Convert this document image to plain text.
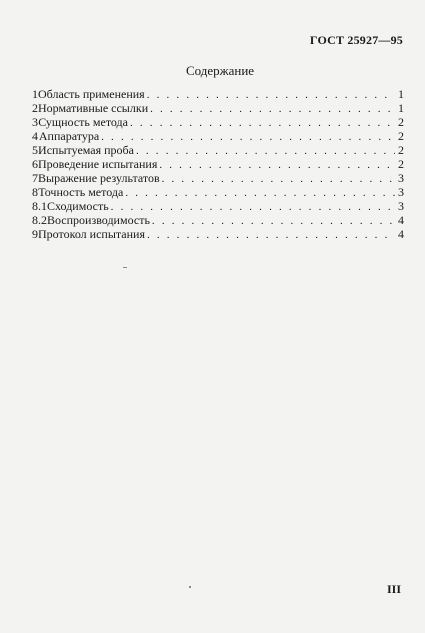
ГОСТ 25927—95
Содержание
1 Область применения . . .	1
2 Нормативные ссылки . . .	1
3 Сущность метода . . .	2
4 Аппаратура . . .	2
5 Испытуемая проба . . .	2
6 Проведение испытания . . .	2
7 Выражение результатов . . .	3
8 Точность метода . . .	3
8.1 Сходимость . . .	3
8.2 Воспроизводимость . . .	4
9 Протокол испытания . . .	4
III
